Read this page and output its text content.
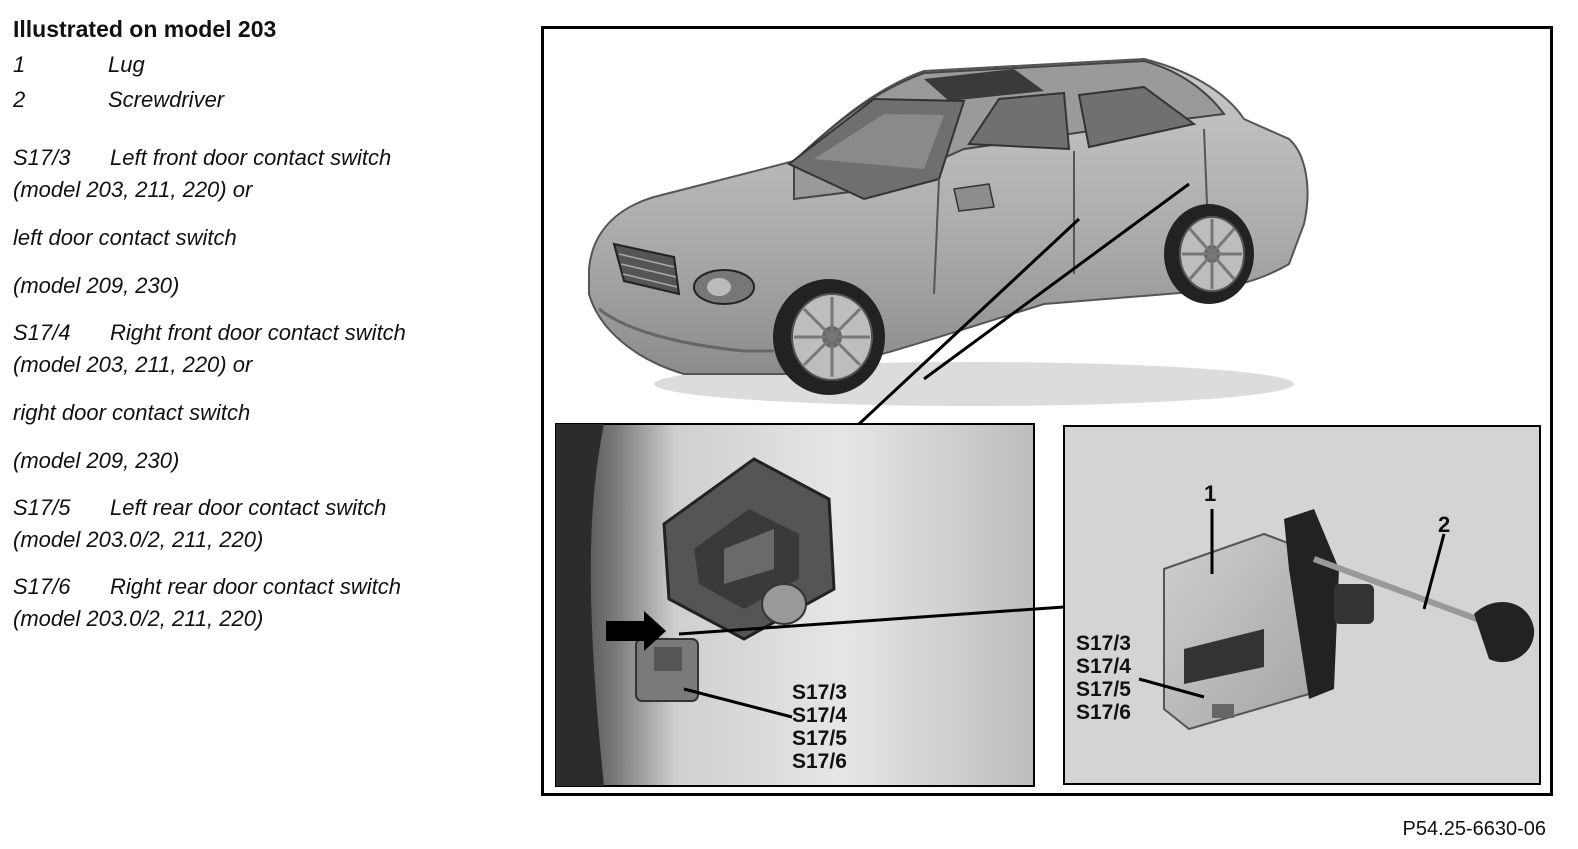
Illustrated on model 203
1	Lug
2	Screwdriver
S17/3 Left front door contact switch
(model 203, 211, 220) or
left door contact switch
(model 209, 230)
S17/4 Right front door contact switch
(model 203, 211, 220) or
right door contact switch
(model 209, 230)
S17/5 Left rear door contact switch
(model 203.0/2, 211, 220)
S17/6 Right rear door contact switch
(model 203.0/2, 211, 220)
S17/3
S17/4
S17/5
S17/6
S17/3
S17/4
S17/5
S17/6
1
2
P54.25-6630-06
